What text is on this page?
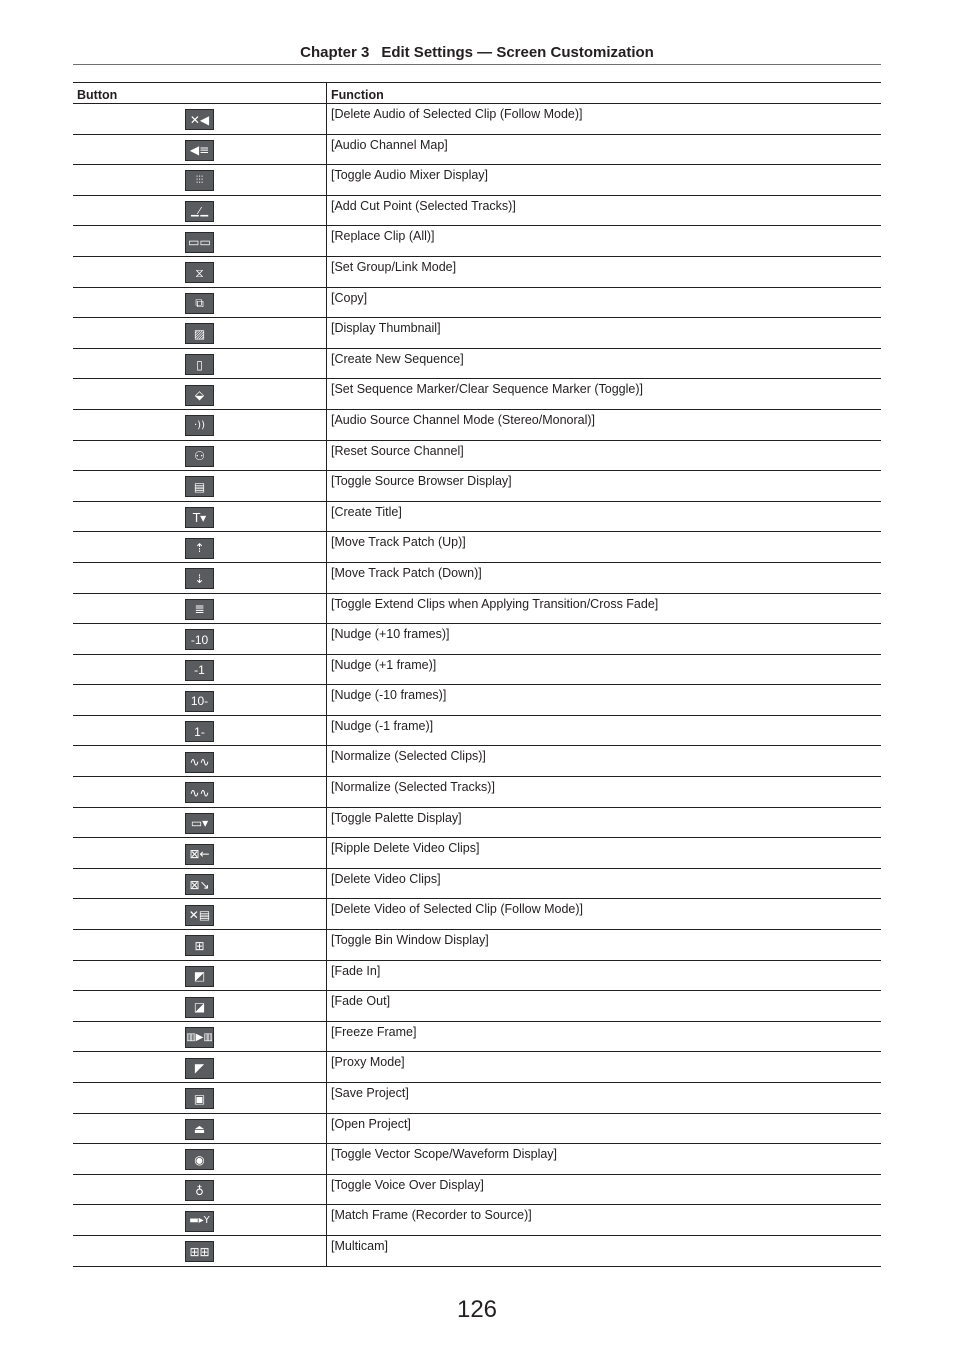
Chapter 3 Edit Settings — Screen Customization
Button	Function
✕◀	[Delete Audio of Selected Clip (Follow Mode)]
◀≡	[Audio Channel Map]
⫶⫶⫶	[Toggle Audio Mixer Display]
▁⁄▁	[Add Cut Point (Selected Tracks)]
▭▭	[Replace Clip (All)]
⧖	[Set Group/Link Mode]
⧉	[Copy]
▨	[Display Thumbnail]
▯	[Create New Sequence]
⬙	[Set Sequence Marker/Clear Sequence Marker (Toggle)]
·))	[Audio Source Channel Mode (Stereo/Monoral)]
⚇	[Reset Source Channel]
▤	[Toggle Source Browser Display]
T▾	[Create Title]
⇡	[Move Track Patch (Up)]
⇣	[Move Track Patch (Down)]
≣	[Toggle Extend Clips when Applying Transition/Cross Fade]
-10	[Nudge (+10 frames)]
-1	[Nudge (+1 frame)]
10-	[Nudge (-10 frames)]
1-	[Nudge (-1 frame)]
∿∿	[Normalize (Selected Clips)]
∿∿	[Normalize (Selected Tracks)]
▭▾	[Toggle Palette Display]
⊠←	[Ripple Delete Video Clips]
⊠↘	[Delete Video Clips]
✕▤	[Delete Video of Selected Clip (Follow Mode)]
⊞	[Toggle Bin Window Display]
◩	[Fade In]
◪	[Fade Out]
▥▶▥	[Freeze Frame]
◤	[Proxy Mode]
▣	[Save Project]
⏏	[Open Project]
◉	[Toggle Vector Scope/Waveform Display]
♁	[Toggle Voice Over Display]
▬▸Y	[Match Frame (Recorder to Source)]
⊞⊞	[Multicam]
126
